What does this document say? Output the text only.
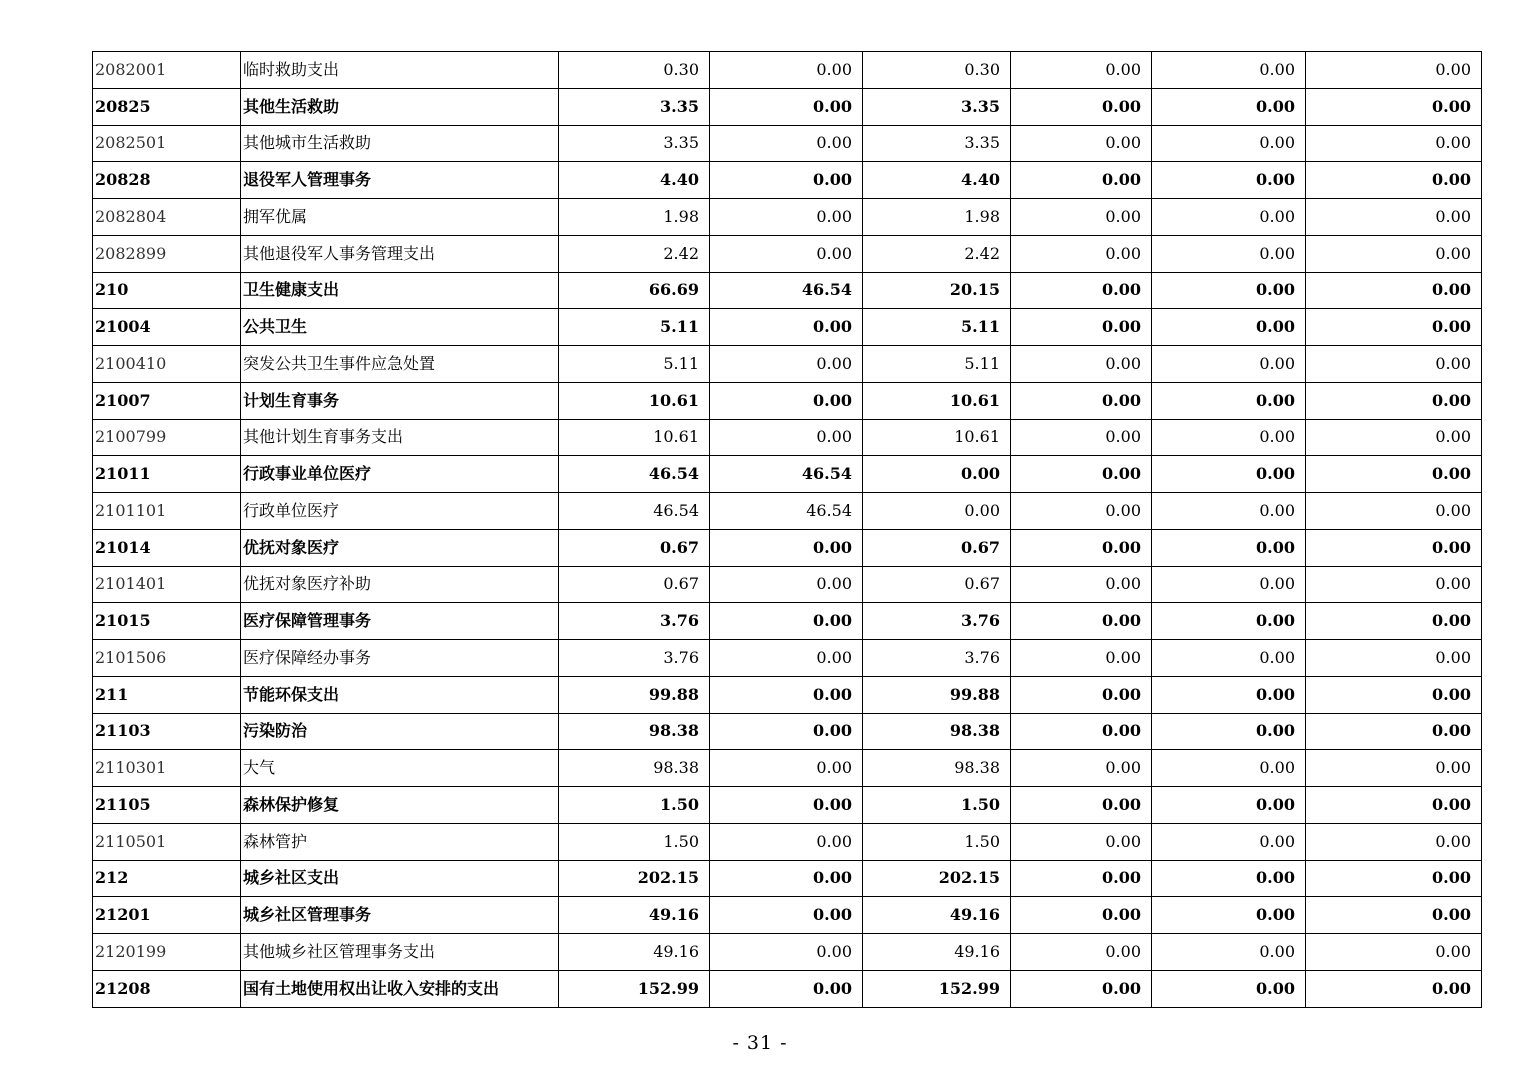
2082001	临时救助支出	0.30	0.00	0.30	0.00	0.00	0.00
20825	其他生活救助	3.35	0.00	3.35	0.00	0.00	0.00
2082501	其他城市生活救助	3.35	0.00	3.35	0.00	0.00	0.00
20828	退役军人管理事务	4.40	0.00	4.40	0.00	0.00	0.00
2082804	拥军优属	1.98	0.00	1.98	0.00	0.00	0.00
2082899	其他退役军人事务管理支出	2.42	0.00	2.42	0.00	0.00	0.00
210	卫生健康支出	66.69	46.54	20.15	0.00	0.00	0.00
21004	公共卫生	5.11	0.00	5.11	0.00	0.00	0.00
2100410	突发公共卫生事件应急处置	5.11	0.00	5.11	0.00	0.00	0.00
21007	计划生育事务	10.61	0.00	10.61	0.00	0.00	0.00
2100799	其他计划生育事务支出	10.61	0.00	10.61	0.00	0.00	0.00
21011	行政事业单位医疗	46.54	46.54	0.00	0.00	0.00	0.00
2101101	行政单位医疗	46.54	46.54	0.00	0.00	0.00	0.00
21014	优抚对象医疗	0.67	0.00	0.67	0.00	0.00	0.00
2101401	优抚对象医疗补助	0.67	0.00	0.67	0.00	0.00	0.00
21015	医疗保障管理事务	3.76	0.00	3.76	0.00	0.00	0.00
2101506	医疗保障经办事务	3.76	0.00	3.76	0.00	0.00	0.00
211	节能环保支出	99.88	0.00	99.88	0.00	0.00	0.00
21103	污染防治	98.38	0.00	98.38	0.00	0.00	0.00
2110301	大气	98.38	0.00	98.38	0.00	0.00	0.00
21105	森林保护修复	1.50	0.00	1.50	0.00	0.00	0.00
2110501	森林管护	1.50	0.00	1.50	0.00	0.00	0.00
212	城乡社区支出	202.15	0.00	202.15	0.00	0.00	0.00
21201	城乡社区管理事务	49.16	0.00	49.16	0.00	0.00	0.00
2120199	其他城乡社区管理事务支出	49.16	0.00	49.16	0.00	0.00	0.00
21208	国有土地使用权出让收入安排的支出	152.99	0.00	152.99	0.00	0.00	0.00
- 31 -
